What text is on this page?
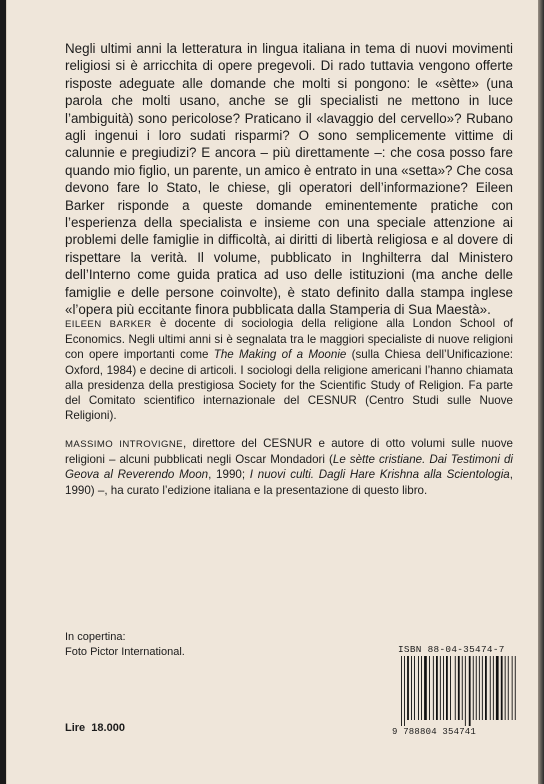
Negli ultimi anni la letteratura in lingua italiana in tema di nuovi movimenti religiosi si è arricchita di opere pregevoli. Di rado tuttavia vengono offerte risposte adeguate alle domande che molti si pongono: le «sètte» (una parola che molti usano, anche se gli specialisti ne mettono in luce l’ambiguità) sono pericolose? Praticano il «lavaggio del cervello»? Rubano agli ingenui i loro sudati risparmi? O sono semplicemente vittime di calunnie e pregiudizi? E ancora – più direttamente –: che cosa posso fare quando mio figlio, un parente, un amico è entrato in una «setta»? Che cosa devono fare lo Stato, le chiese, gli operatori dell’informazione? Eileen Barker risponde a queste domande eminentemente pratiche con l’esperienza della specialista e insieme con una speciale attenzione ai problemi delle famiglie in difficoltà, ai diritti di libertà religiosa e al dovere di rispettare la verità. Il volume, pubblicato in Inghilterra dal Ministero dell’Interno come guida pratica ad uso delle istituzioni (ma anche delle famiglie e delle persone coinvolte), è stato definito dalla stampa inglese «l’opera più eccitante finora pubblicata dalla Stamperia di Sua Maestà».

EILEEN BARKER è docente di sociologia della religione alla London School of Economics. Negli ultimi anni si è segnalata tra le maggiori specialiste di nuove religioni con opere importanti come The Making of a Moonie (sulla Chiesa dell’Unificazione: Oxford, 1984) e decine di articoli. I sociologi della religione americani l’hanno chiamata alla presidenza della prestigiosa Society for the Scientific Study of Religion. Fa parte del Comitato scientifico internazionale del CESNUR (Centro Studi sulle Nuove Religioni).

MASSIMO INTROVIGNE, direttore del CESNUR e autore di otto volumi sulle nuove religioni – alcuni pubblicati negli Oscar Mondadori (Le sètte cristiane. Dai Testimoni di Geova al Reverendo Moon, 1990; I nuovi culti. Dagli Hare Krishna alla Scientologia, 1990) –, ha curato l’edizione italiana e la presentazione di questo libro.

In copertina:
Foto Pictor International.
Lire  18.000
ISBN 88-04-35474-7
9 788804 354741
